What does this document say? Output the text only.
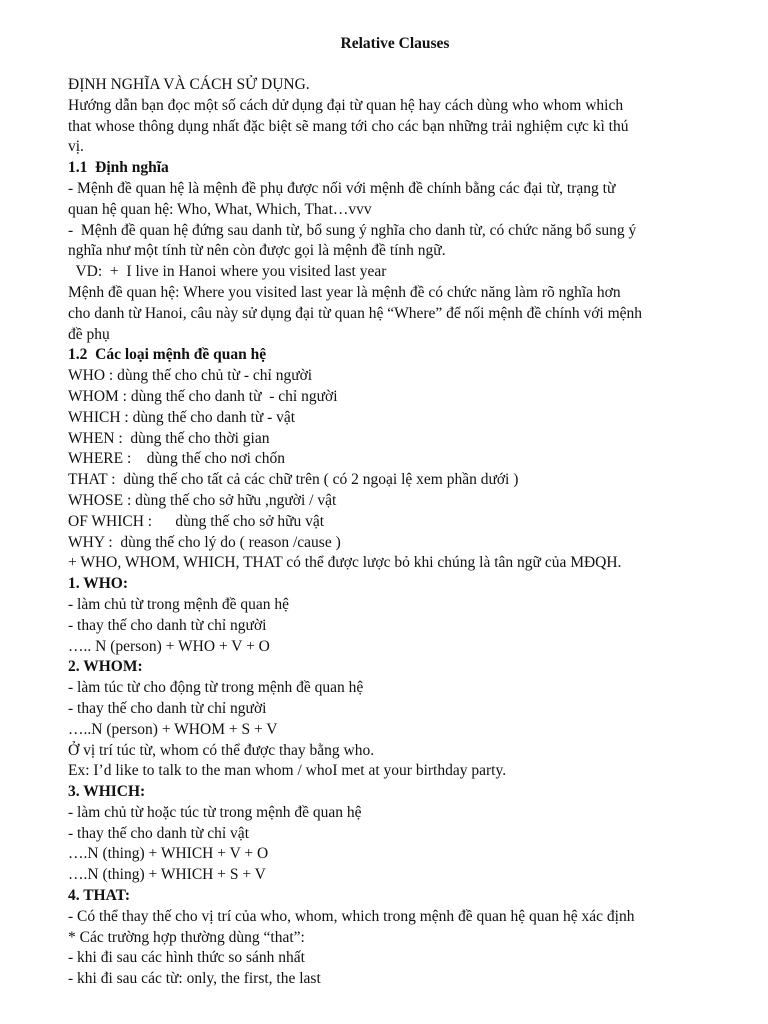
Relative Clauses
ĐỊNH NGHĨA VÀ CÁCH SỬ DỤNG.
Hướng dẫn bạn đọc một số cách dử dụng đại từ quan hệ hay cách dùng who whom which
that whose thông dụng nhất đặc biệt sẽ mang tới cho các bạn những trải nghiệm cực kì thú
vị.
1.1  Định nghĩa
- Mệnh đề quan hệ là mệnh đề phụ được nối với mệnh đề chính bằng các đại từ, trạng từ
quan hệ quan hệ: Who, What, Which, That…vvv
-  Mệnh đề quan hệ đứng sau danh từ, bổ sung ý nghĩa cho danh từ, có chức năng bổ sung ý
nghĩa như một tính từ nên còn được gọi là mệnh đề tính ngữ.
VD:  +  I live in Hanoi where you visited last year
Mệnh đề quan hệ: Where you visited last year là mệnh đề có chức năng làm rõ nghĩa hơn
cho danh từ Hanoi, câu này sử dụng đại từ quan hệ “Where” để nối mệnh đề chính với mệnh
đề phụ
1.2  Các loại mệnh đề quan hệ
WHO : dùng thế cho chủ từ - chỉ người
WHOM : dùng thế cho danh từ  - chỉ người
WHICH : dùng thế cho danh từ - vật
WHEN :  dùng thế cho thời gian
WHERE :    dùng thế cho nơi chốn
THAT :  dùng thế cho tất cả các chữ trên ( có 2 ngoại lệ xem phần dưới )
WHOSE : dùng thế cho sở hữu ,người / vật
OF WHICH :      dùng thế cho sở hữu vật
WHY :  dùng thế cho lý do ( reason /cause )
+ WHO, WHOM, WHICH, THAT có thể được lược bỏ khi chúng là tân ngữ của MĐQH.
1. WHO:
- làm chủ từ trong mệnh đề quan hệ
- thay thế cho danh từ chỉ người
….. N (person) + WHO + V + O
2. WHOM:
- làm túc từ cho động từ trong mệnh đề quan hệ
- thay thế cho danh từ chỉ người
…..N (person) + WHOM + S + V
Ở vị trí túc từ, whom có thể được thay bằng who.
Ex: I’d like to talk to the man whom / whoI met at your birthday party.
3. WHICH:
- làm chủ từ hoặc túc từ trong mệnh đề quan hệ
- thay thế cho danh từ chỉ vật
….N (thing) + WHICH + V + O
….N (thing) + WHICH + S + V
4. THAT:
- Có thể thay thế cho vị trí của who, whom, which trong mệnh đề quan hệ quan hệ xác định
* Các trường hợp thường dùng “that”:
- khi đi sau các hình thức so sánh nhất
- khi đi sau các từ: only, the first, the last
